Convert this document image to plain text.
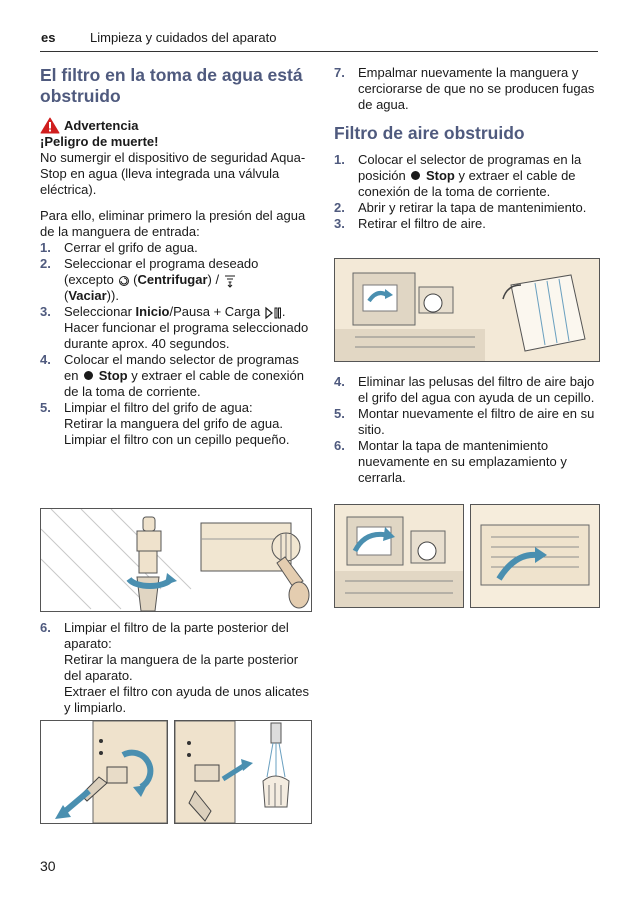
es	Limpieza y cuidados del aparato
El filtro en la toma de agua está obstruido
Advertencia

¡Peligro de muerte!

No sumergir el dispositivo de seguridad Aqua-Stop en agua (lleva integrada una válvula eléctrica).

Para ello, eliminar primero la presión del agua de la manguera de entrada:

1. Cerrar el grifo de agua.
2. Seleccionar el programa deseado (excepto  (Centrifugar) /
(Vaciar)).
3. Seleccionar Inicio/Pausa + Carga . Hacer funcionar el programa seleccionado durante aprox. 40 segundos.
4. Colocar el mando selector de programas en Stop y extraer el cable de conexión de la toma de corriente.
5. Limpiar el filtro del grifo de agua:
Retirar la manguera del grifo de agua.
Limpiar el filtro con un cepillo pequeño.
6. Limpiar el filtro de la parte posterior del aparato:
Retirar la manguera de la parte posterior del aparato.
Extraer el filtro con ayuda de unos alicates y limpiarlo.
7. Empalmar nuevamente la manguera y cerciorarse de que no se producen fugas de agua.
Filtro de aire obstruido
1. Colocar el selector de programas en la posición Stop y extraer el cable de conexión de la toma de corriente.
2. Abrir y retirar la tapa de mantenimiento.
3. Retirar el filtro de aire.
4. Eliminar las pelusas del filtro de aire bajo el grifo del agua con ayuda de un cepillo.
5. Montar nuevamente el filtro de aire en su sitio.
6. Montar la tapa de mantenimiento nuevamente en su emplazamiento y cerrarla.
30
